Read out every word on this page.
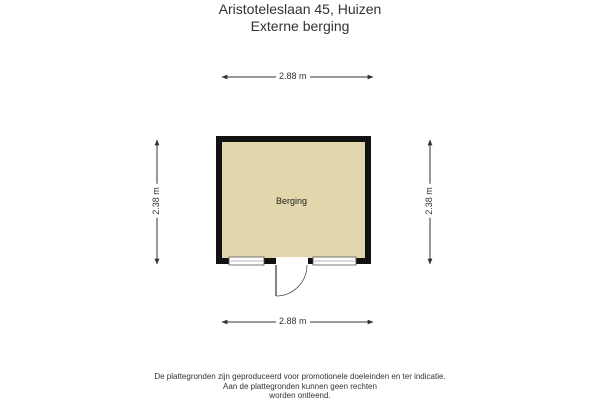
Aristoteleslaan 45, Huizen
Externe berging
2.88 m
2.88 m
2.38 m	2.38 m
Berging
De plattegronden zijn geproduceerd voor promotionele doeleinden en ter indicatie.
Aan de plattegronden kunnen geen rechten
worden ontleend.
